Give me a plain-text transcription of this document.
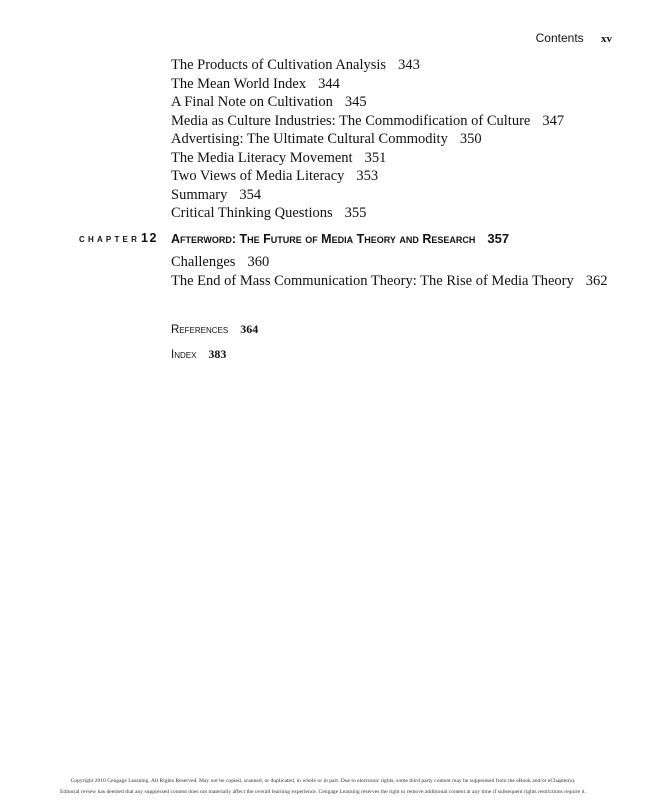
Contents xv
The Products of Cultivation Analysis 343
The Mean World Index 344
A Final Note on Cultivation 345
Media as Culture Industries: The Commodification of Culture 347
Advertising: The Ultimate Cultural Commodity 350
The Media Literacy Movement 351
Two Views of Media Literacy 353
Summary 354
Critical Thinking Questions 355
CHAPTER 12 Afterword: The Future of Media Theory and Research 357
Challenges 360
The End of Mass Communication Theory: The Rise of Media Theory 362
References 364
Index 383
Copyright 2010 Cengage Learning. All Rights Reserved. May not be copied, scanned, or duplicated, in whole or in part. Due to electronic rights, some third party content may be suppressed from the eBook and/or eChapter(s).
Editorial review has deemed that any suppressed content does not materially affect the overall learning experience. Cengage Learning reserves the right to remove additional content at any time if subsequent rights restrictions require it.
